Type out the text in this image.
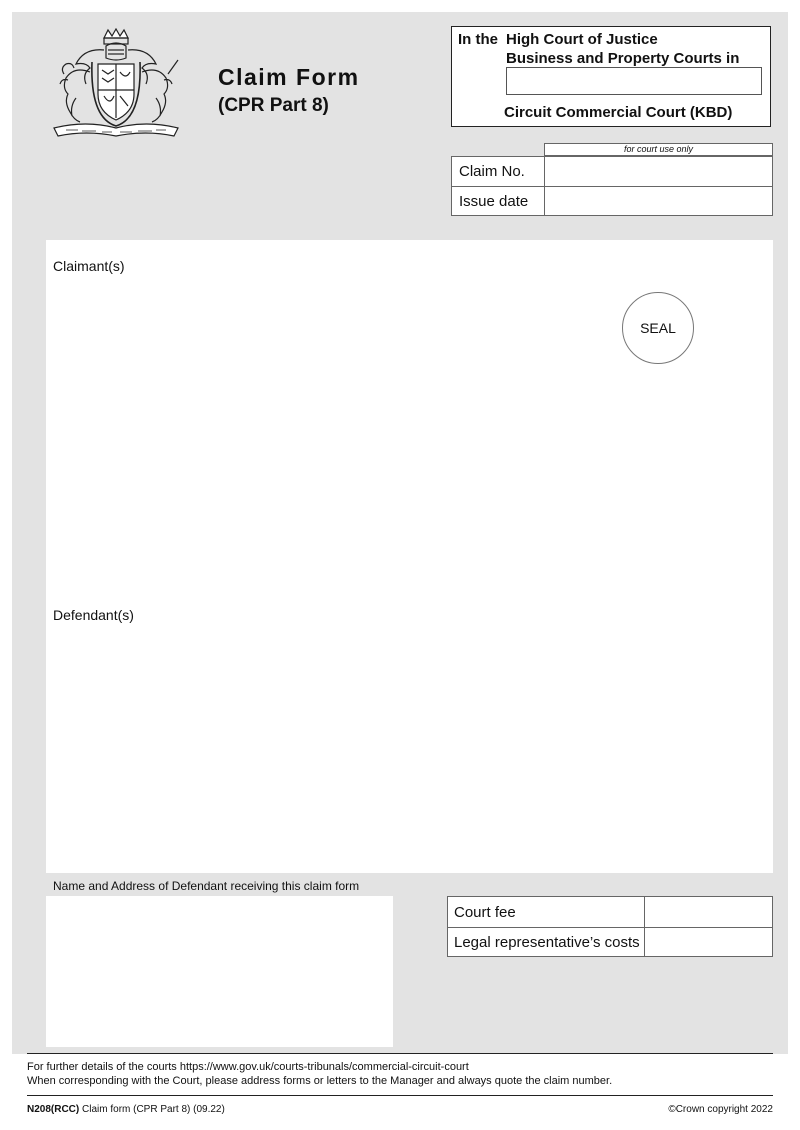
Claim Form
(CPR Part 8)
In the High Court of Justice
Business and Property Courts in
Circuit Commercial Court (KBD)
for court use only
Claim No.
Issue date
Claimant(s)
SEAL
Defendant(s)
Name and Address of Defendant receiving this claim form
Court fee
Legal representative’s costs
For further details of the courts https://www.gov.uk/courts-tribunals/commercial-circuit-court
When corresponding with the Court, please address forms or letters to the Manager and always quote the claim number.
N208(RCC) Claim form (CPR Part 8) (09.22)	©Crown copyright 2022
